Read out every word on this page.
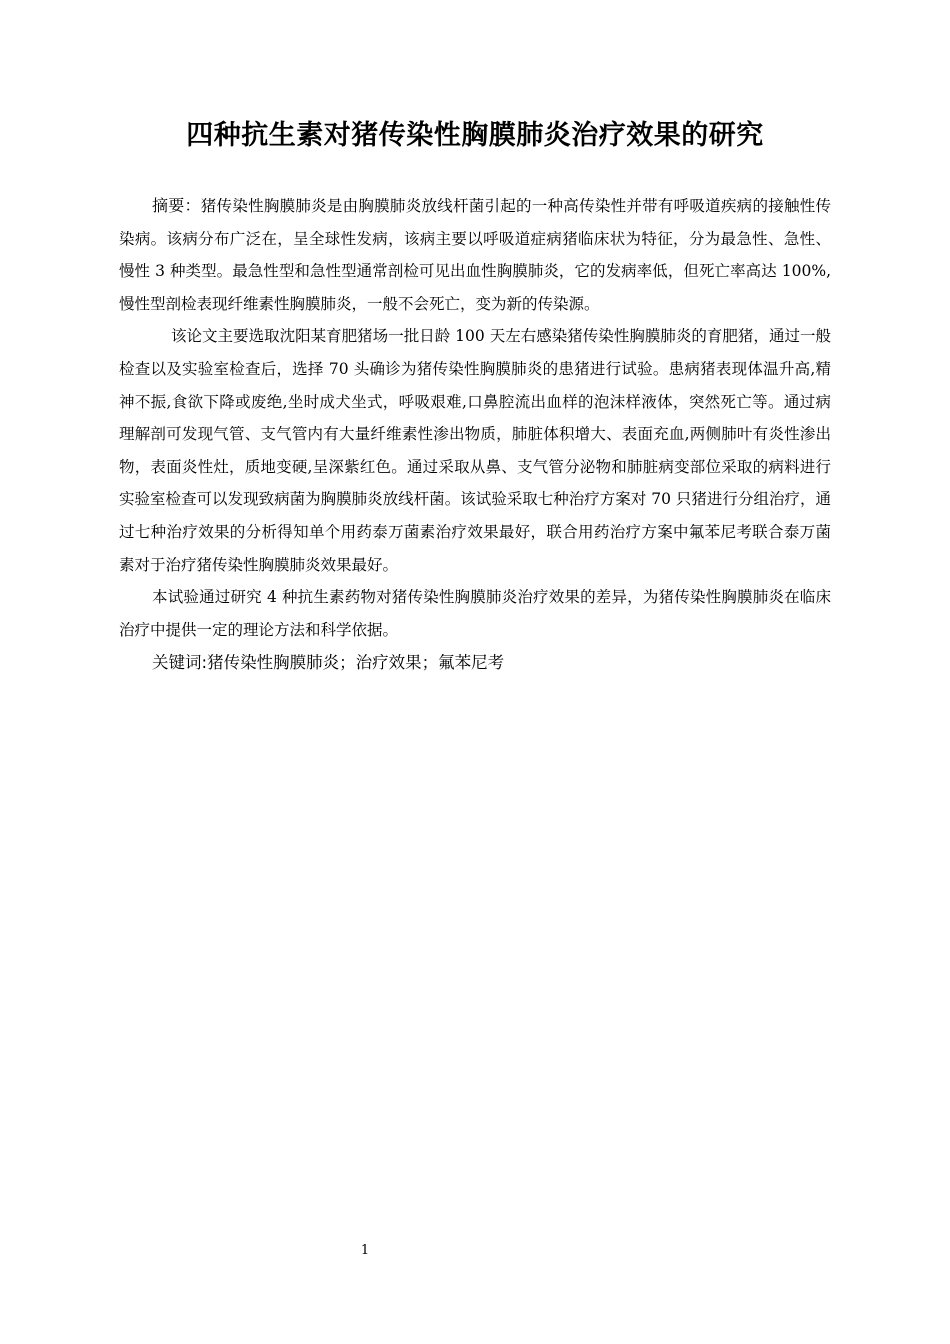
四种抗生素对猪传染性胸膜肺炎治疗效果的研究

摘要：猪传染性胸膜肺炎是由胸膜肺炎放线杆菌引起的一种高传染性并带有呼吸道疾病的接触性传染病。该病分布广泛在，呈全球性发病，该病主要以呼吸道症病猪临床状为特征，分为最急性、急性、慢性 3 种类型。最急性型和急性型通常剖检可见出血性胸膜肺炎，它的发病率低，但死亡率高达 100%,慢性型剖检表现纤维素性胸膜肺炎，一般不会死亡，变为新的传染源。

该论文主要选取沈阳某育肥猪场一批日龄 100 天左右感染猪传染性胸膜肺炎的育肥猪，通过一般检查以及实验室检查后，选择 70 头确诊为猪传染性胸膜肺炎的患猪进行试验。患病猪表现体温升高,精神不振,食欲下降或废绝,坐时成犬坐式，呼吸艰难,口鼻腔流出血样的泡沫样液体，突然死亡等。通过病理解剖可发现气管、支气管内有大量纤维素性渗出物质，肺脏体积增大、表面充血,两侧肺叶有炎性渗出物，表面炎性灶，质地变硬,呈深紫红色。通过采取从鼻、支气管分泌物和肺脏病变部位采取的病料进行实验室检查可以发现致病菌为胸膜肺炎放线杆菌。该试验采取七种治疗方案对 70 只猪进行分组治疗，通过七种治疗效果的分析得知单个用药泰万菌素治疗效果最好，联合用药治疗方案中氟苯尼考联合泰万菌素对于治疗猪传染性胸膜肺炎效果最好。

本试验通过研究 4 种抗生素药物对猪传染性胸膜肺炎治疗效果的差异，为猪传染性胸膜肺炎在临床治疗中提供一定的理论方法和科学依据。

关键词:猪传染性胸膜肺炎；治疗效果；氟苯尼考

1
